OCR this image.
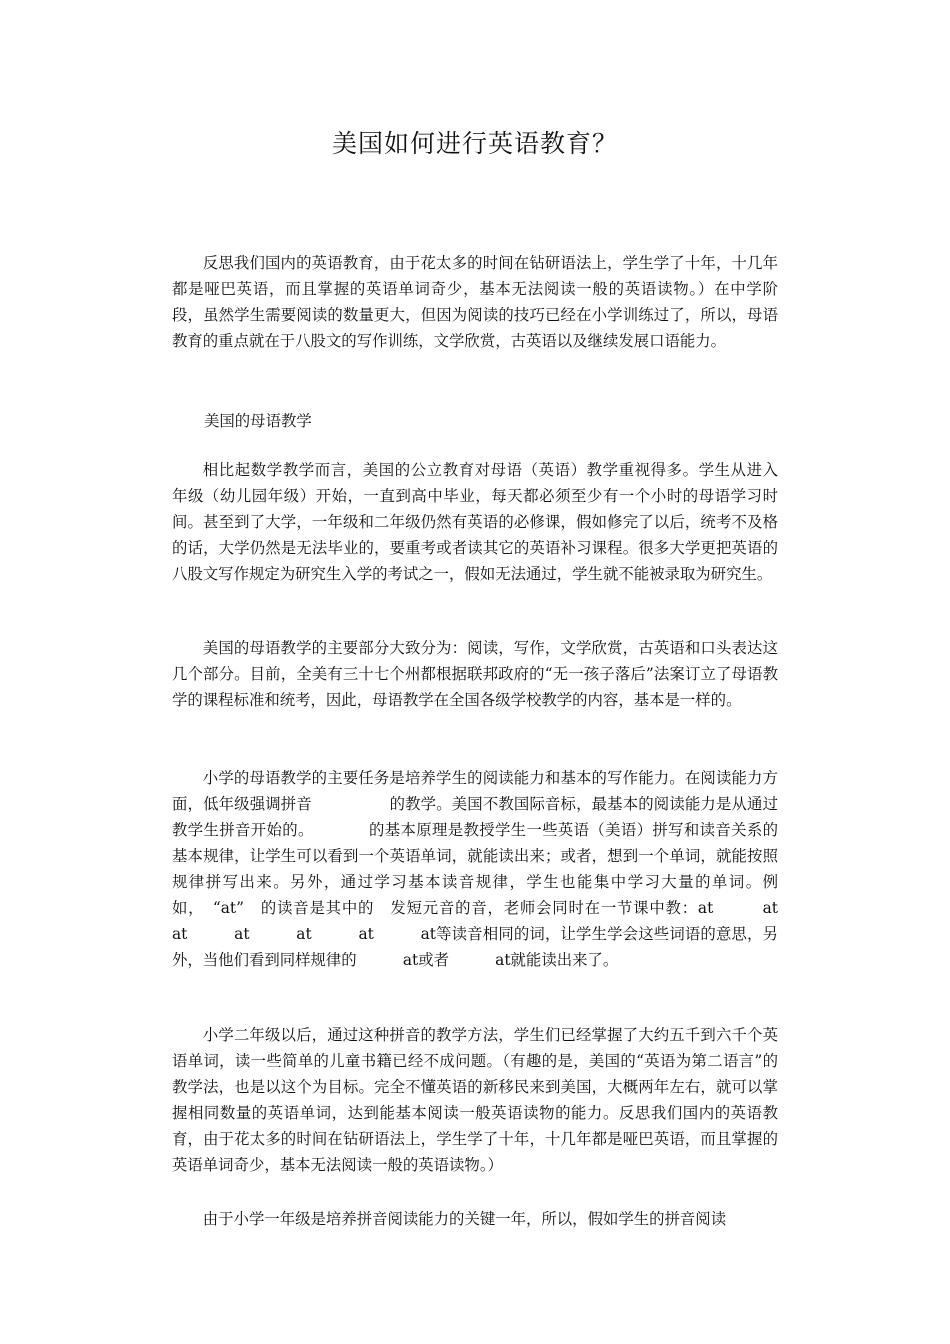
美国如何进行英语教育？

反思我们国内的英语教育，由于花太多的时间在钻研语法上，学生学了十年，十几年都是哑巴英语，而且掌握的英语单词奇少，基本无法阅读一般的英语读物。）在中学阶段，虽然学生需要阅读的数量更大，但因为阅读的技巧已经在小学训练过了，所以，母语教育的重点就在于八股文的写作训练，文学欣赏，古英语以及继续发展口语能力。

美国的母语教学

相比起数学教学而言，美国的公立教育对母语（英语）教学重视得多。学生从进入　年级（幼儿园年级）开始，一直到高中毕业，每天都必须至少有一个小时的母语学习时间。甚至到了大学，一年级和二年级仍然有英语的必修课，假如修完了以后，统考不及格的话，大学仍然是无法毕业的，要重考或者读其它的英语补习课程。很多大学更把英语的八股文写作规定为研究生入学的考试之一，假如无法通过，学生就不能被录取为研究生。

美国的母语教学的主要部分大致分为：阅读，写作，文学欣赏，古英语和口头表达这几个部分。目前，全美有三十七个州都根据联邦政府的“无一孩子落后”法案订立了母语教学的课程标准和统考，因此，母语教学在全国各级学校教学的内容，基本是一样的。

小学的母语教学的主要任务是培养学生的阅读能力和基本的写作能力。在阅读能力方面，低年级强调拼音　　　　　的教学。美国不教国际音标，最基本的阅读能力是从通过教学生拼音开始的。　　　　的基本原理是教授学生一些英语（美语）拼写和读音关系的基本规律，让学生可以看到一个英语单词，就能读出来；或者，想到一个单词，就能按照规律拼写出来。另外，通过学习基本读音规律，学生也能集中学习大量的单词。例如，　“at”　的读音是其中的　发短元音的音，老师会同时在一节课中教：at　　　at　　　at　　　at　　　at　　　at　　　at等读音相同的词，让学生学会这些词语的意思，另外，当他们看到同样规律的　　　at或者　　　at就能读出来了。

小学二年级以后，通过这种拼音的教学方法，学生们已经掌握了大约五千到六千个英语单词，读一些简单的儿童书籍已经不成问题。（有趣的是，美国的“英语为第二语言”的教学法，也是以这个为目标。完全不懂英语的新移民来到美国，大概两年左右，就可以掌握相同数量的英语单词，达到能基本阅读一般英语读物的能力。反思我们国内的英语教育，由于花太多的时间在钻研语法上，学生学了十年，十几年都是哑巴英语，而且掌握的英语单词奇少，基本无法阅读一般的英语读物。）

由于小学一年级是培养拼音阅读能力的关键一年，所以，假如学生的拼音阅读
